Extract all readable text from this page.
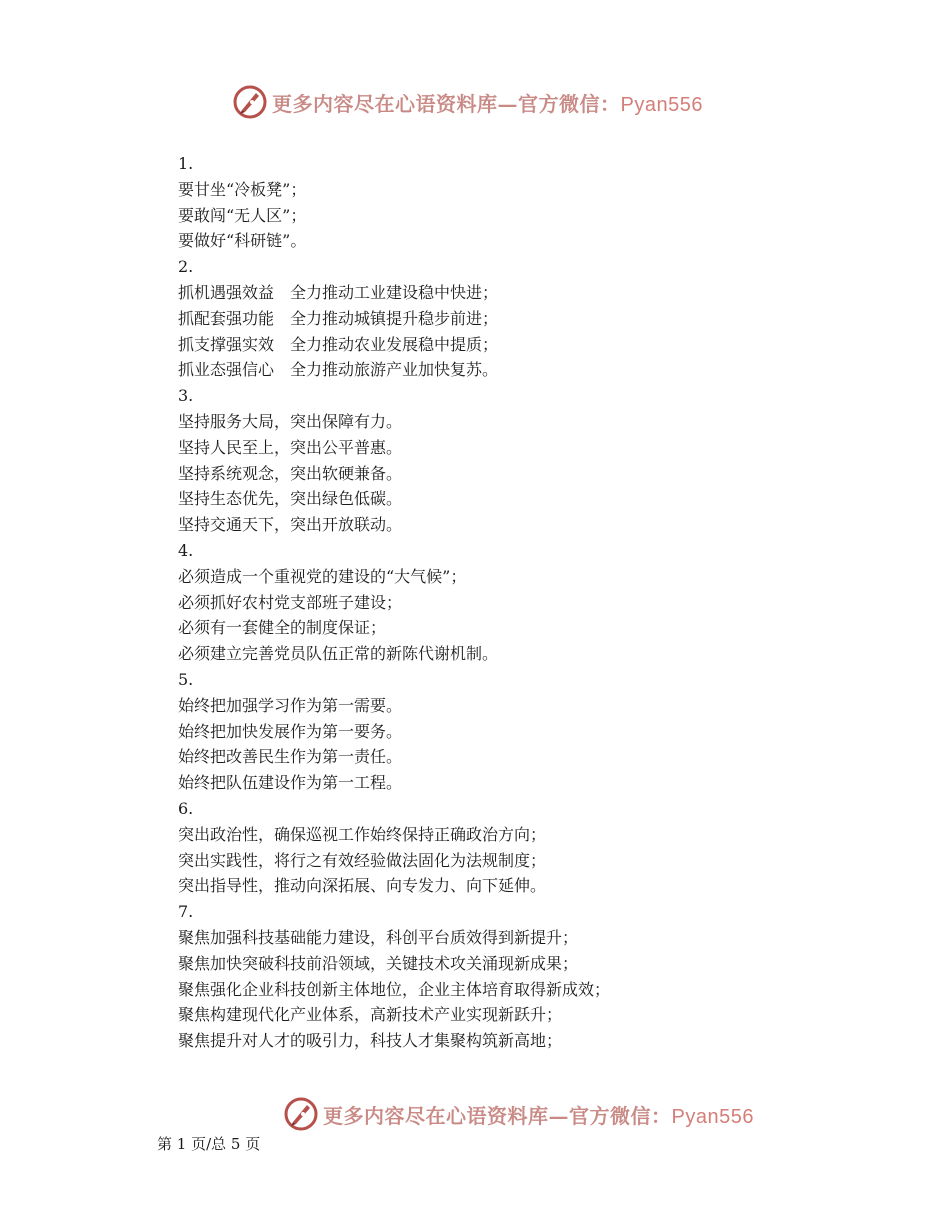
更多内容尽在心语资料库—官方微信：Pyan556
1.
要甘坐“冷板凳”；
要敢闯“无人区”；
要做好“科研链”。
2.
抓机遇强效益　全力推动工业建设稳中快进；
抓配套强功能　全力推动城镇提升稳步前进；
抓支撑强实效　全力推动农业发展稳中提质；
抓业态强信心　全力推动旅游产业加快复苏。
3.
坚持服务大局，突出保障有力。
坚持人民至上，突出公平普惠。
坚持系统观念，突出软硬兼备。
坚持生态优先，突出绿色低碳。
坚持交通天下，突出开放联动。
4.
必须造成一个重视党的建设的“大气候”；
必须抓好农村党支部班子建设；
必须有一套健全的制度保证；
必须建立完善党员队伍正常的新陈代谢机制。
5.
始终把加强学习作为第一需要。
始终把加快发展作为第一要务。
始终把改善民生作为第一责任。
始终把队伍建设作为第一工程。
6.
突出政治性，确保巡视工作始终保持正确政治方向；
突出实践性，将行之有效经验做法固化为法规制度；
突出指导性，推动向深拓展、向专发力、向下延伸。
7.
聚焦加强科技基础能力建设，科创平台质效得到新提升；
聚焦加快突破科技前沿领域，关键技术攻关涌现新成果；
聚焦强化企业科技创新主体地位，企业主体培育取得新成效；
聚焦构建现代化产业体系，高新技术产业实现新跃升；
聚焦提升对人才的吸引力，科技人才集聚构筑新高地；
更多内容尽在心语资料库—官方微信：Pyan556
第 1 页/总 5 页
